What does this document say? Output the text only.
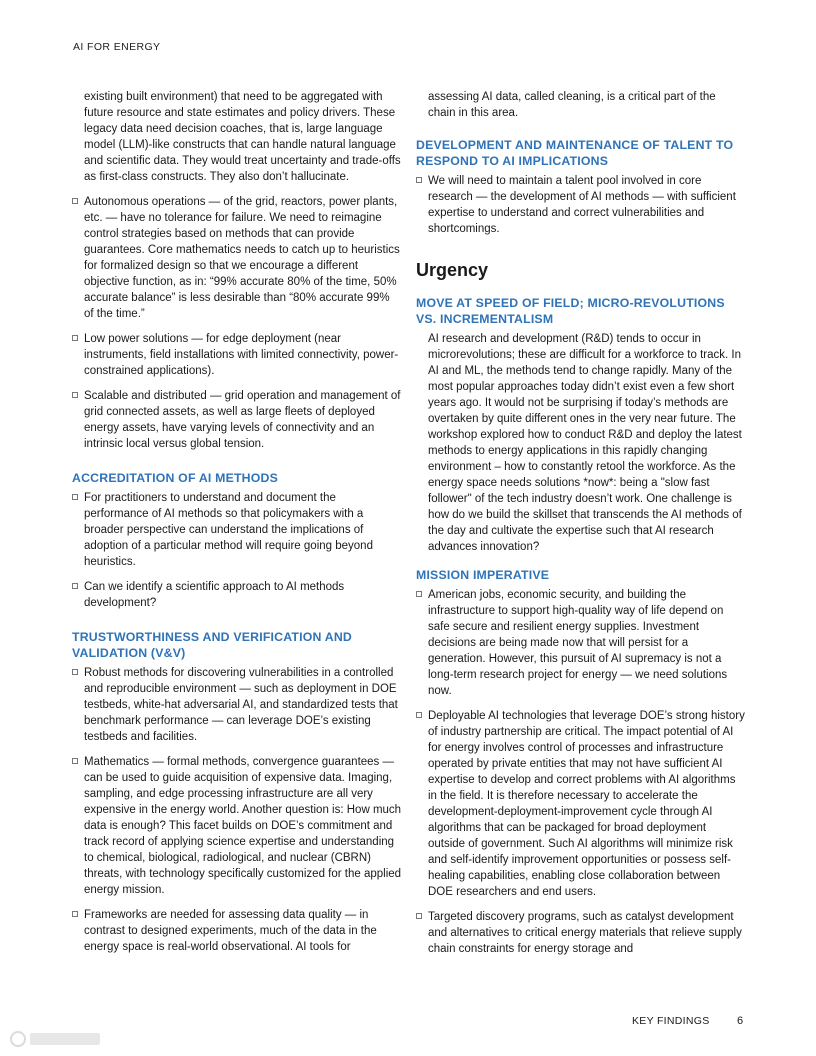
AI FOR ENERGY

existing built environment) that need to be aggregated with future resource and state estimates and policy drivers. These legacy data need decision coaches, that is, large language model (LLM)-like constructs that can handle natural language and scientific data. They would treat uncertainty and trade-offs as first-class constructs. They also don’t hallucinate.

Autonomous operations — of the grid, reactors, power plants, etc. — have no tolerance for failure. We need to reimagine control strategies based on methods that can provide guarantees. Core mathematics needs to catch up to heuristics for formalized design so that we encourage a different objective function, as in: “99% accurate 80% of the time, 50% accurate balance” is less desirable than “80% accurate 99% of the time.”
Low power solutions — for edge deployment (near instruments, field installations with limited connectivity, power-constrained applications).
Scalable and distributed — grid operation and management of grid connected assets, as well as large fleets of deployed energy assets, have varying levels of connectivity and an intrinsic local versus global tension.
ACCREDITATION OF AI METHODS
For practitioners to understand and document the performance of AI methods so that policymakers with a broader perspective can understand the implications of adoption of a particular method will require going beyond heuristics.
Can we identify a scientific approach to AI methods development?
TRUSTWORTHINESS AND VERIFICATION AND VALIDATION (V&V)
Robust methods for discovering vulnerabilities in a controlled and reproducible environment — such as deployment in DOE testbeds, white-hat adversarial AI, and standardized tests that benchmark performance — can leverage DOE’s existing testbeds and facilities.
Mathematics — formal methods, convergence guarantees —can be used to guide acquisition of expensive data. Imaging, sampling, and edge processing infrastructure are all very expensive in the energy world. Another question is: How much data is enough? This facet builds on DOE’s commitment and track record of applying science expertise and understanding to chemical, biological, radiological, and nuclear (CBRN) threats, with technology specifically customized for the applied energy mission.
Frameworks are needed for assessing data quality — in contrast to designed experiments, much of the data in the energy space is real-world observational. AI tools for

assessing AI data, called cleaning, is a critical part of the chain in this area.

DEVELOPMENT AND MAINTENANCE OF TALENT TO RESPOND TO AI IMPLICATIONS
We will need to maintain a talent pool involved in core research — the development of AI methods — with sufficient expertise to understand and correct vulnerabilities and shortcomings.
Urgency
MOVE AT SPEED OF FIELD; MICRO-REVOLUTIONS VS. INCREMENTALISM

AI research and development (R&D) tends to occur in microrevolutions; these are difficult for a workforce to track. In AI and ML, the methods tend to change rapidly. Many of the most popular approaches today didn’t exist even a few short years ago. It would not be surprising if today’s methods are overtaken by quite different ones in the very near future. The workshop explored how to conduct R&D and deploy the latest methods to energy applications in this rapidly changing environment – how to constantly retool the workforce. As the energy space needs solutions *now*: being a "slow fast follower" of the tech industry doesn’t work. One challenge is how do we build the skillset that transcends the AI methods of the day and cultivate the expertise such that AI research advances innovation?

MISSION IMPERATIVE
American jobs, economic security, and building the infrastructure to support high-quality way of life depend on safe secure and resilient energy supplies. Investment decisions are being made now that will persist for a generation. However, this pursuit of AI supremacy is not a long-term research project for energy — we need solutions now.
Deployable AI technologies that leverage DOE’s strong history of industry partnership are critical. The impact potential of AI for energy involves control of processes and infrastructure operated by private entities that may not have sufficient AI expertise to develop and correct problems with AI algorithms in the field. It is therefore necessary to accelerate the development-deployment-improvement cycle through AI algorithms that can be packaged for broad deployment outside of government. Such AI algorithms will minimize risk and self-identify improvement opportunities or possess self-healing capabilities, enabling close collaboration between DOE researchers and end users.
Targeted discovery programs, such as catalyst development and alternatives to critical energy materials that relieve supply chain constraints for energy storage and
KEY FINDINGS 6
